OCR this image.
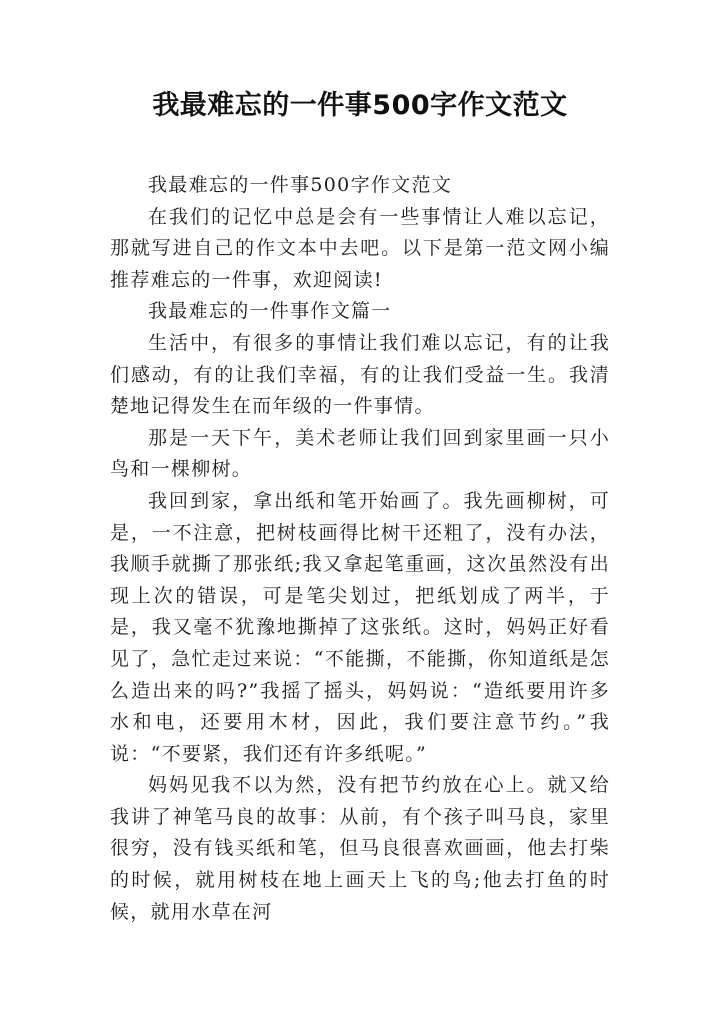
我最难忘的一件事500字作文范文

我最难忘的一件事500字作文范文

在我们的记忆中总是会有一些事情让人难以忘记，那就写进自己的作文本中去吧。以下是第一范文网小编推荐难忘的一件事，欢迎阅读!

我最难忘的一件事作文篇一

生活中，有很多的事情让我们难以忘记，有的让我们感动，有的让我们幸福，有的让我们受益一生。我清楚地记得发生在而年级的一件事情。

那是一天下午，美术老师让我们回到家里画一只小鸟和一棵柳树。

我回到家，拿出纸和笔开始画了。我先画柳树，可是，一不注意，把树枝画得比树干还粗了，没有办法，我顺手就撕了那张纸;我又拿起笔重画，这次虽然没有出现上次的错误，可是笔尖划过，把纸划成了两半，于是，我又毫不犹豫地撕掉了这张纸。这时，妈妈正好看见了，急忙走过来说：“不能撕，不能撕，你知道纸是怎么造出来的吗?”我摇了摇头，妈妈说：“造纸要用许多水和电，还要用木材，因此，我们要注意节约。”我说：“不要紧，我们还有许多纸呢。”

妈妈见我不以为然，没有把节约放在心上。就又给我讲了神笔马良的故事：从前，有个孩子叫马良，家里很穷，没有钱买纸和笔，但马良很喜欢画画，他去打柴的时候，就用树枝在地上画天上飞的鸟;他去打鱼的时候，就用水草在河
